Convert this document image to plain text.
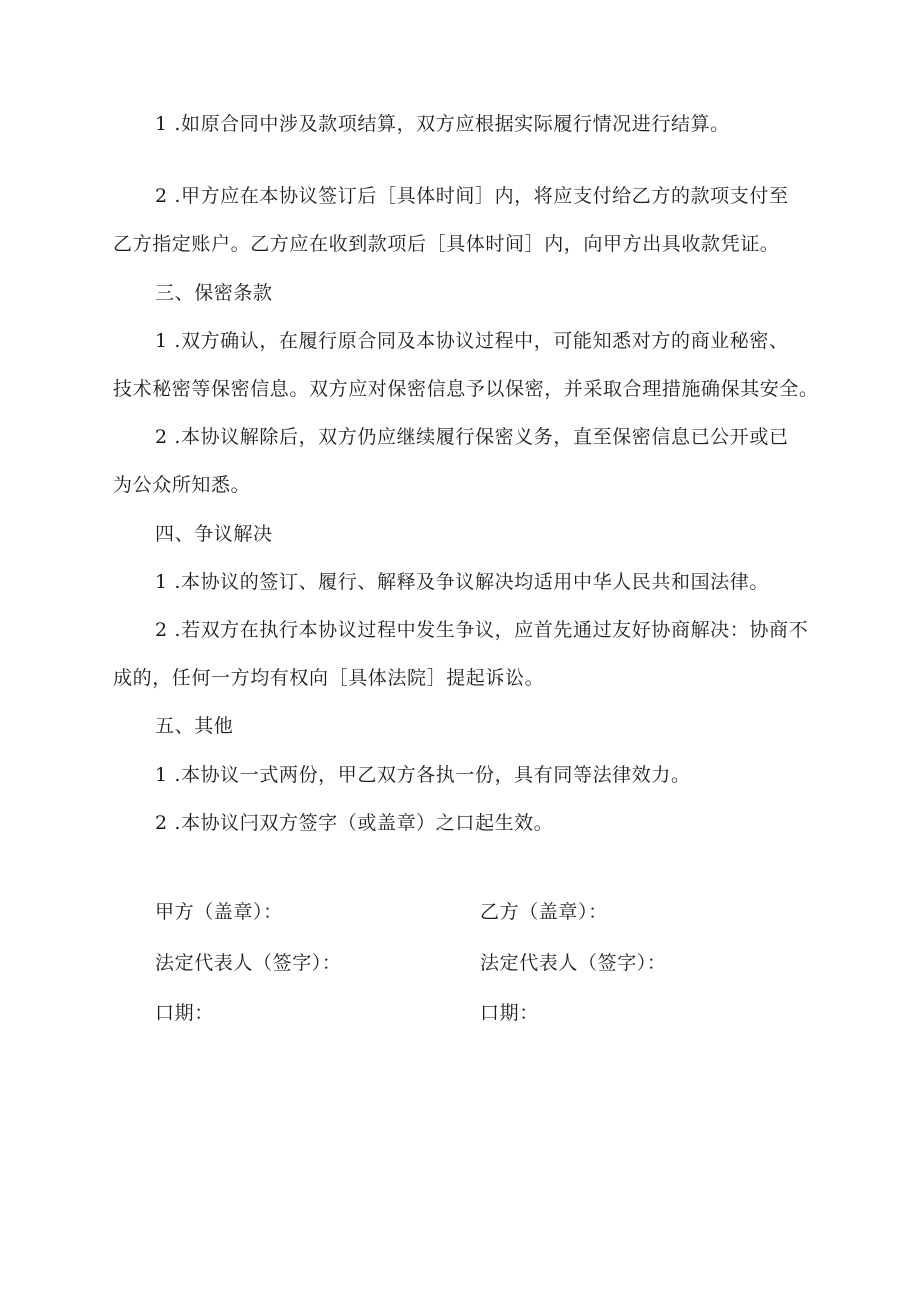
1 .如原合同中涉及款项结算，双方应根据实际履行情况进行结算。
2 .甲方应在本协议签订后［具体时间］内，将应支付给乙方的款项支付至
乙方指定账户。乙方应在收到款项后［具体时间］内，向甲方出具收款凭证。
三、保密条款
1 .双方确认，在履行原合同及本协议过程中，可能知悉对方的商业秘密、
技术秘密等保密信息。双方应对保密信息予以保密，并采取合理措施确保其安全。
2 .本协议解除后，双方仍应继续履行保密义务，直至保密信息已公开或已
为公众所知悉。
四、争议解决
1 .本协议的签订、履行、解释及争议解决均适用中华人民共和国法律。
2 .若双方在执行本协议过程中发生争议，应首先通过友好协商解决：协商不
成的，任何一方均有权向［具体法院］提起诉讼。
五、其他
1 .本协议一式两份，甲乙双方各执一份，具有同等法律效力。
2 .本协议闩双方签字（或盖章）之口起生效。
甲方（盖章）：	乙方（盖章）：
法定代表人（签字）：	法定代表人（签字）：
口期：	口期：
